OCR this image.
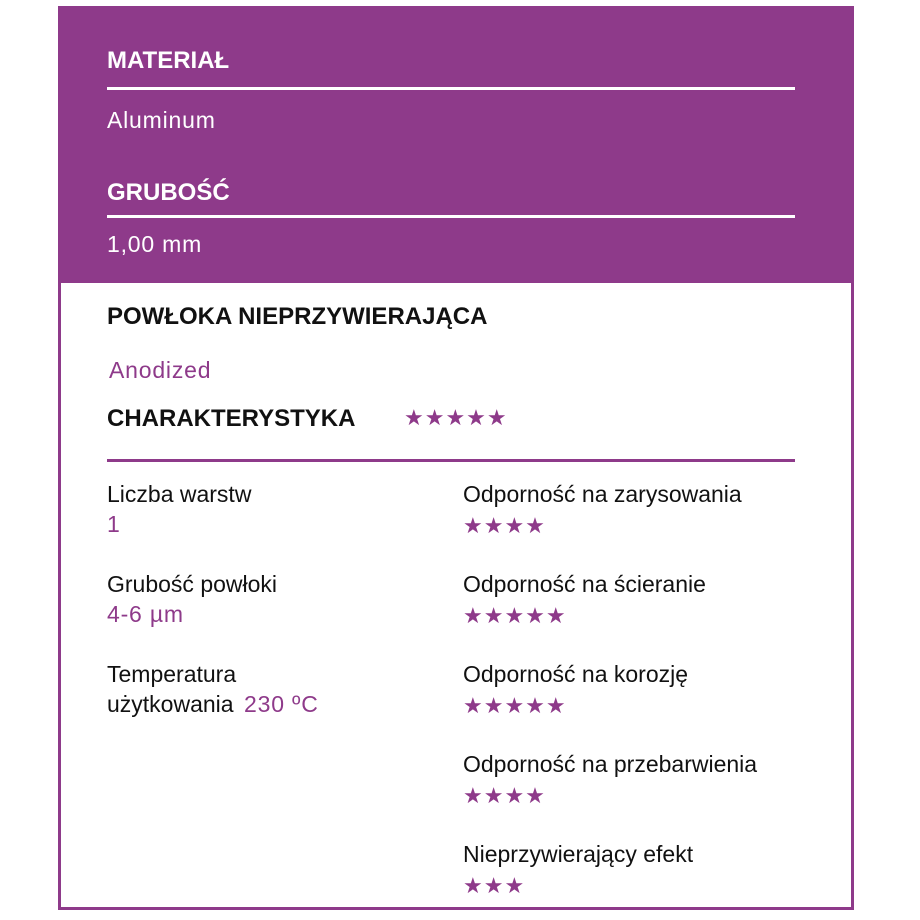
MATERIAŁ
Aluminum
GRUBOŚĆ
1,00 mm
POWŁOKA NIEPRZYWIERAJĄCA
Anodized
CHARAKTERYSTYKA ★★★★★
Liczba warstw
1
Grubość powłoki
4-6 µm
Temperatura
użytkowania 230 ºC
Odporność na zarysowania
★★★★
Odporność na ścieranie
★★★★★
Odporność na korozję
★★★★★
Odporność na przebarwienia
★★★★
Nieprzywierający efekt
★★★
